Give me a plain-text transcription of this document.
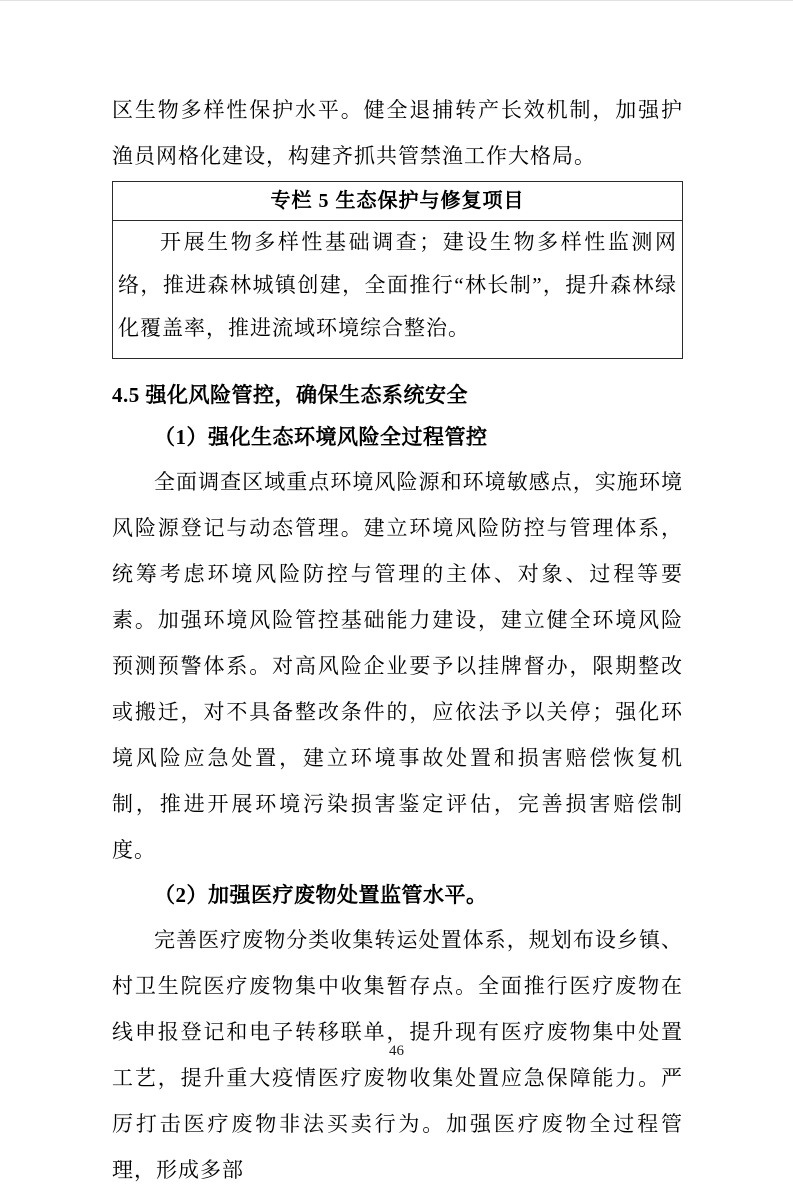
区生物多样性保护水平。健全退捕转产长效机制，加强护渔员网格化建设，构建齐抓共管禁渔工作大格局。

专栏 5 生态保护与修复项目

开展生物多样性基础调查；建设生物多样性监测网络，推进森林城镇创建，全面推行“林长制”，提升森林绿化覆盖率，推进流域环境综合整治。

4.5 强化风险管控，确保生态系统安全
（1）强化生态环境风险全过程管控

全面调查区域重点环境风险源和环境敏感点，实施环境风险源登记与动态管理。建立环境风险防控与管理体系，统筹考虑环境风险防控与管理的主体、对象、过程等要素。加强环境风险管控基础能力建设，建立健全环境风险预测预警体系。对高风险企业要予以挂牌督办，限期整改或搬迁，对不具备整改条件的，应依法予以关停；强化环境风险应急处置，建立环境事故处置和损害赔偿恢复机制，推进开展环境污染损害鉴定评估，完善损害赔偿制度。

（2）加强医疗废物处置监管水平。

完善医疗废物分类收集转运处置体系，规划布设乡镇、村卫生院医疗废物集中收集暂存点。全面推行医疗废物在线申报登记和电子转移联单，提升现有医疗废物集中处置工艺，提升重大疫情医疗废物收集处置应急保障能力。严厉打击医疗废物非法买卖行为。加强医疗废物全过程管理，形成多部

46
